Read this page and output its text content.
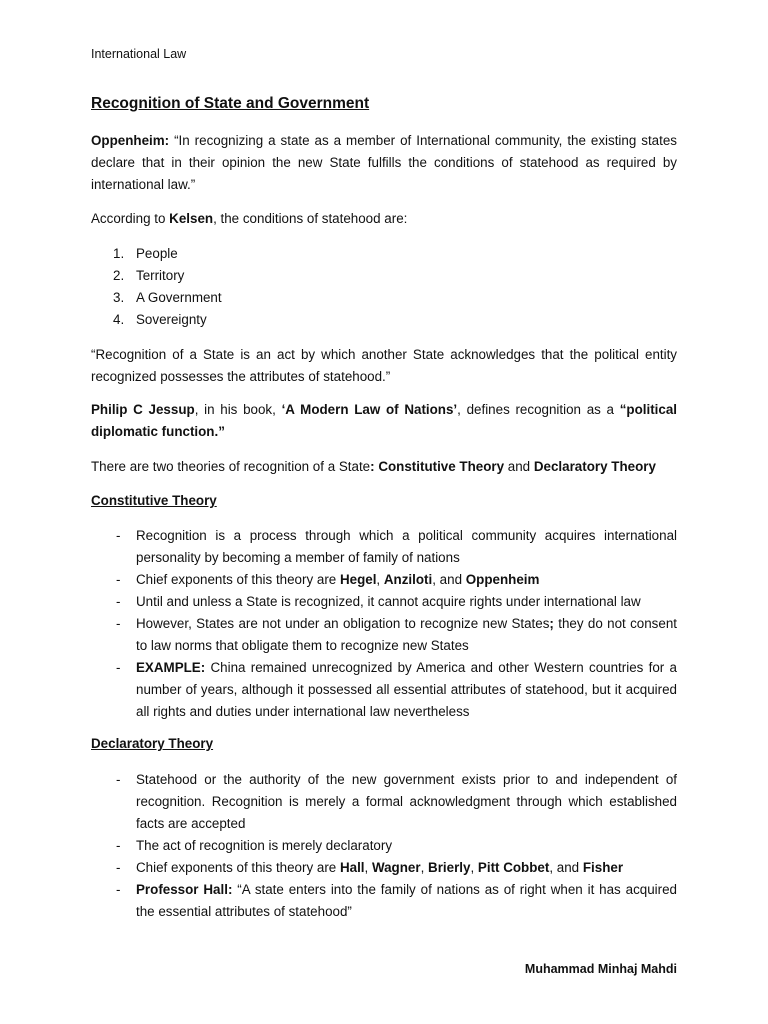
International Law
Recognition of State and Government
Oppenheim: “In recognizing a state as a member of International community, the existing states declare that in their opinion the new State fulfills the conditions of statehood as required by international law.”
According to Kelsen, the conditions of statehood are:
1. People
2. Territory
3. A Government
4. Sovereignty
“Recognition of a State is an act by which another State acknowledges that the political entity recognized possesses the attributes of statehood.”
Philip C Jessup, in his book, ‘A Modern Law of Nations’, defines recognition as a “political diplomatic function.”
There are two theories of recognition of a State: Constitutive Theory and Declaratory Theory
Constitutive Theory
- Recognition is a process through which a political community acquires international personality by becoming a member of family of nations
- Chief exponents of this theory are Hegel, Anziloti, and Oppenheim
- Until and unless a State is recognized, it cannot acquire rights under international law
- However, States are not under an obligation to recognize new States; they do not consent to law norms that obligate them to recognize new States
- EXAMPLE: China remained unrecognized by America and other Western countries for a number of years, although it possessed all essential attributes of statehood, but it acquired all rights and duties under international law nevertheless
Declaratory Theory
- Statehood or the authority of the new government exists prior to and independent of recognition. Recognition is merely a formal acknowledgment through which established facts are accepted
- The act of recognition is merely declaratory
- Chief exponents of this theory are Hall, Wagner, Brierly, Pitt Cobbet, and Fisher
- Professor Hall: “A state enters into the family of nations as of right when it has acquired the essential attributes of statehood”
Muhammad Minhaj Mahdi
